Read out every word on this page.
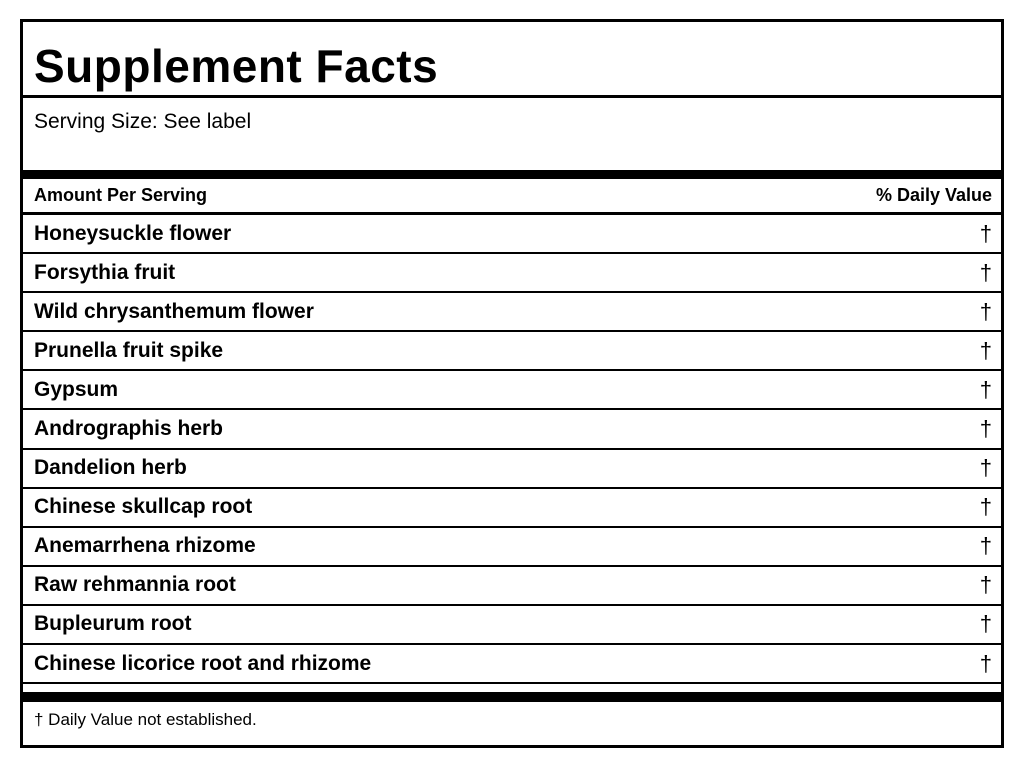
Supplement Facts
Serving Size: See label
Amount Per Serving	% Daily Value
Honeysuckle flower	†
Forsythia fruit	†
Wild chrysanthemum flower	†
Prunella fruit spike	†
Gypsum	†
Andrographis herb	†
Dandelion herb	†
Chinese skullcap root	†
Anemarrhena rhizome	†
Raw rehmannia root	†
Bupleurum root	†
Chinese licorice root and rhizome	†
† Daily Value not established.
